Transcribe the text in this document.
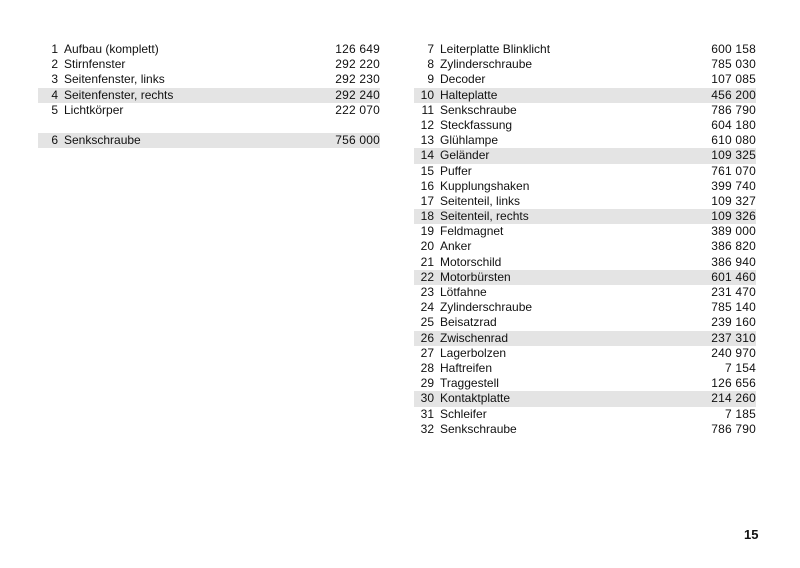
1 Aufbau (komplett)	126 649
2 Stirnfenster	292 220
3 Seitenfenster, links	292 230
4 Seitenfenster, rechts	292 240
5 Lichtkörper	222 070
6 Senkschraube	756 000
7 Leiterplatte Blinklicht	600 158
8 Zylinderschraube	785 030
9 Decoder	107 085
10 Halteplatte	456 200
11 Senkschraube	786 790
12 Steckfassung	604 180
13 Glühlampe	610 080
14 Geländer	109 325
15 Puffer	761 070
16 Kupplungshaken	399 740
17 Seitenteil, links	109 327
18 Seitenteil, rechts	109 326
19 Feldmagnet	389 000
20 Anker	386 820
21 Motorschild	386 940
22 Motorbürsten	601 460
23 Lötfahne	231 470
24 Zylinderschraube	785 140
25 Beisatzrad	239 160
26 Zwischenrad	237 310
27 Lagerbolzen	240 970
28 Haftreifen	7 154
29 Traggestell	126 656
30 Kontaktplatte	214 260
31 Schleifer	7 185
32 Senkschraube	786 790
15
